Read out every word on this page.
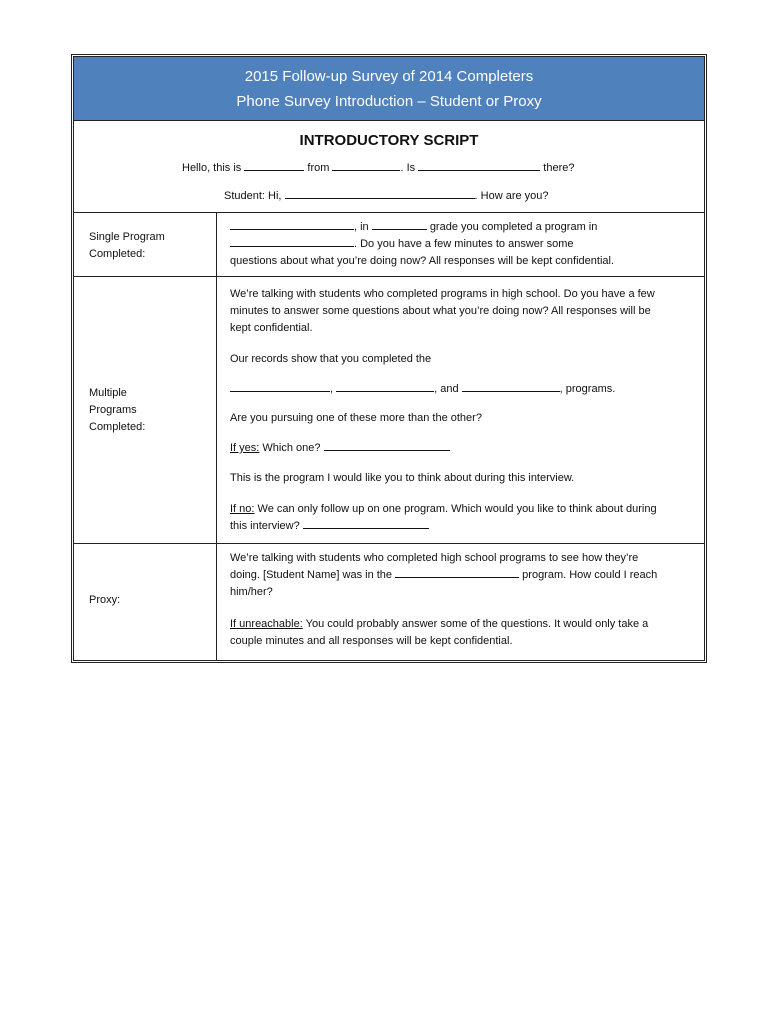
2015 Follow-up Survey of 2014 Completers
Phone Survey Introduction – Student or Proxy
INTRODUCTORY SCRIPT
Hello, this is	from	. Is	there?
Student: Hi,	. How are you?
Single Program
Completed:
, in	grade you completed a program in
. Do you have a few minutes to answer some
questions about what you’re doing now? All responses will be kept confidential.
Multiple
Programs
Completed:
We’re talking with students who completed programs in high school. Do you have a few
minutes to answer some questions about what you’re doing now? All responses will be
kept confidential.
Our records show that you completed the
,	, and	, programs.
Are you pursuing one of these more than the other?
If yes: Which one?
This is the program I would like you to think about during this interview.
If no: We can only follow up on one program. Which would you like to think about during
this interview?
Proxy:
We’re talking with students who completed high school programs to see how they’re
doing. [Student Name] was in the	program. How could I reach
him/her?
If unreachable: You could probably answer some of the questions. It would only take a
couple minutes and all responses will be kept confidential.
